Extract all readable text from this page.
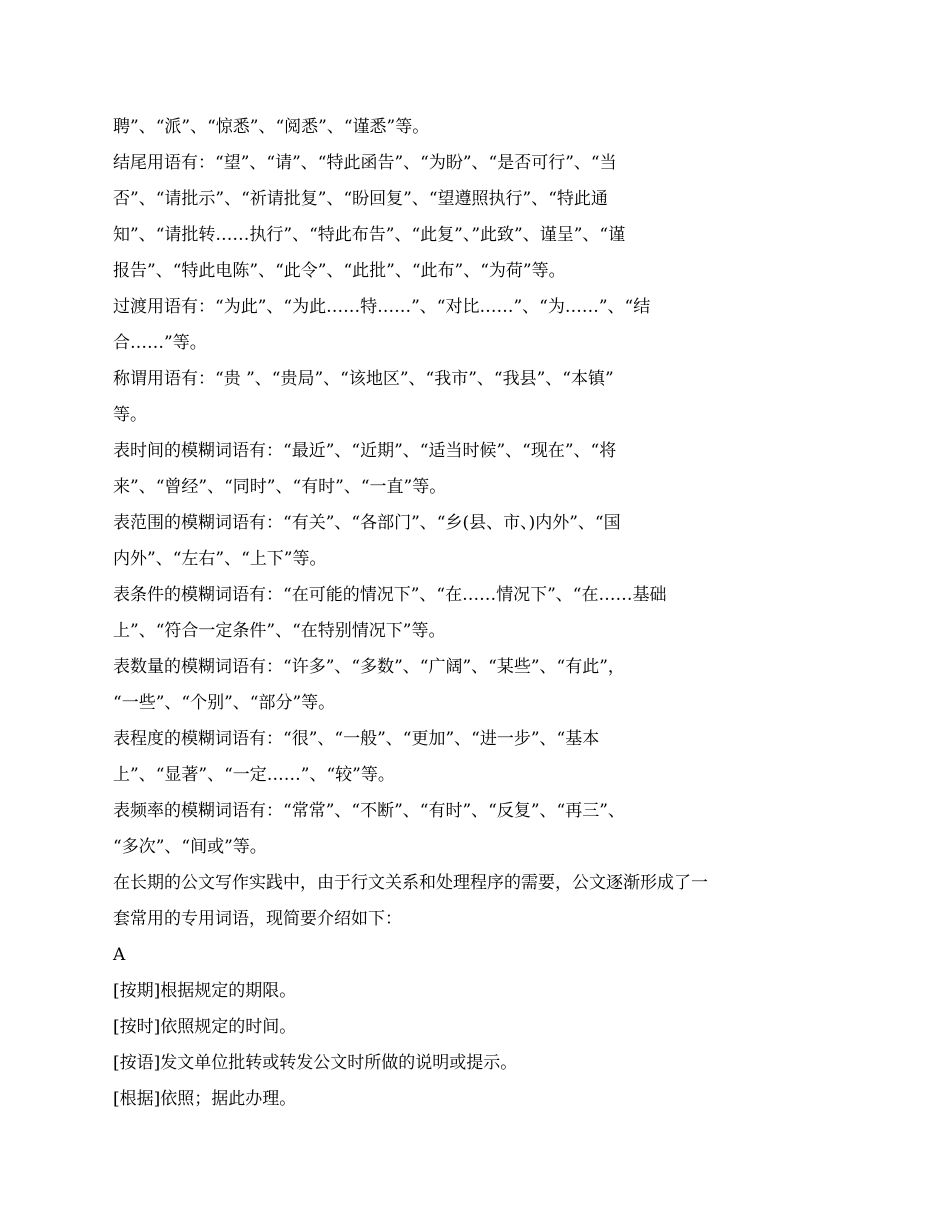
聘”、“派”、“惊悉”、“阅悉”、“谨悉”等。
结尾用语有：“望”、“请”、“特此函告”、“为盼”、“是否可行”、“当
否”、“请批示”、“祈请批复”、“盼回复”、“望遵照执行”、“特此通
知”、“请批转……执行”、“特此布告”、“此复”、”此致”、谨呈”、“谨
报告”、“特此电陈”、“此令”、“此批”、“此布”、“为荷”等。
过渡用语有：“为此”、“为此……特……”、“对比……”、“为……”、“结
合……”等。
称谓用语有：“贵 ”、“贵局”、“该地区”、“我市”、“我县”、“本镇”
等。
表时间的模糊词语有：“最近”、“近期”、“适当时候”、“现在”、“将
来”、“曾经”、“同时”、“有时”、“一直”等。
表范围的模糊词语有：“有关”、“各部门”、“乡(县、市、)内外”、“国
内外”、“左右”、“上下”等。
表条件的模糊词语有：“在可能的情况下”、“在……情况下”、“在……基础
上”、“符合一定条件”、“在特别情况下”等。
表数量的模糊词语有：“许多”、“多数”、“广阔”、“某些”、“有此”，
“一些”、“个别”、“部分”等。
表程度的模糊词语有：“很”、“一般”、“更加”、“进一步”、“基本
上”、“显著”、“一定……”、“较”等。
表频率的模糊词语有：“常常”、“不断”、“有时”、“反复”、“再三”、
“多次”、“间或”等。
在长期的公文写作实践中，由于行文关系和处理程序的需要，公文逐渐形成了一
套常用的专用词语，现简要介绍如下：
A
[按期]根据规定的期限。
[按时]依照规定的时间。
[按语]发文单位批转或转发公文时所做的说明或提示。
[根据]依照；据此办理。
